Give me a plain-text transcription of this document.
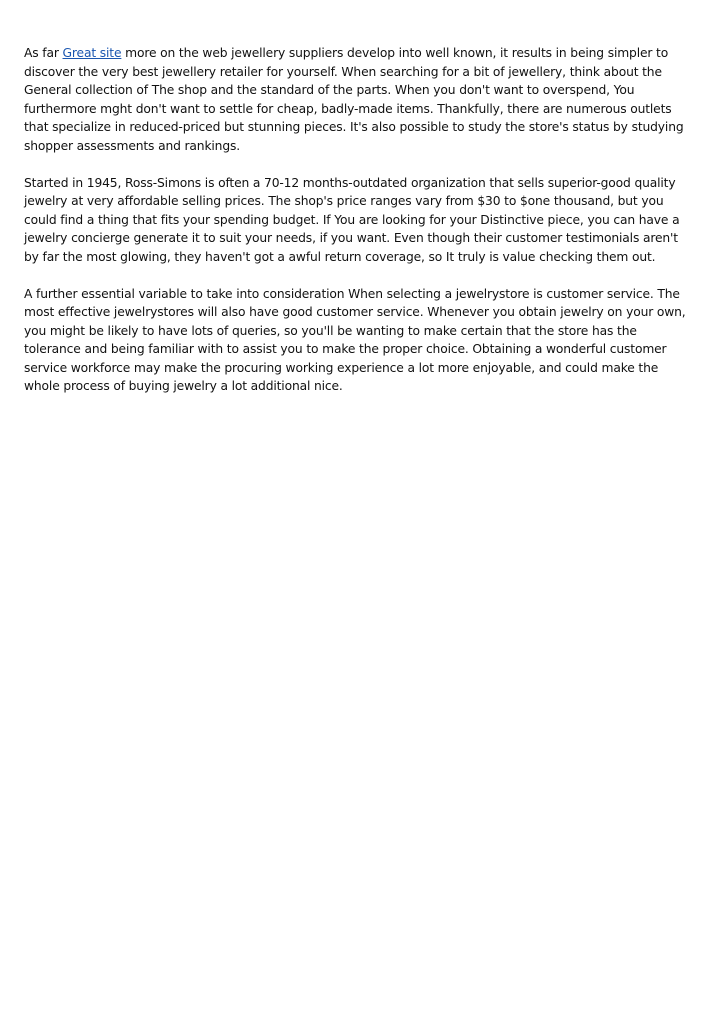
As far Great site more on the web jewellery suppliers develop into well known, it results in being simpler to discover the very best jewellery retailer for yourself. When searching for a bit of jewellery, think about the General collection of The shop and the standard of the parts. When you don't want to overspend, You furthermore mght don't want to settle for cheap, badly-made items. Thankfully, there are numerous outlets that specialize in reduced-priced but stunning pieces. It's also possible to study the store's status by studying shopper assessments and rankings.

Started in 1945, Ross-Simons is often a 70-12 months-outdated organization that sells superior-good quality jewelry at very affordable selling prices. The shop's price ranges vary from $30 to $one thousand, but you could find a thing that fits your spending budget. If You are looking for your Distinctive piece, you can have a jewelry concierge generate it to suit your needs, if you want. Even though their customer testimonials aren't by far the most glowing, they haven't got a awful return coverage, so It truly is value checking them out.

A further essential variable to take into consideration When selecting a jewelrystore is customer service. The most effective jewelrystores will also have good customer service. Whenever you obtain jewelry on your own, you might be likely to have lots of queries, so you'll be wanting to make certain that the store has the tolerance and being familiar with to assist you to make the proper choice. Obtaining a wonderful customer service workforce may make the procuring working experience a lot more enjoyable, and could make the whole process of buying jewelry a lot additional nice.
